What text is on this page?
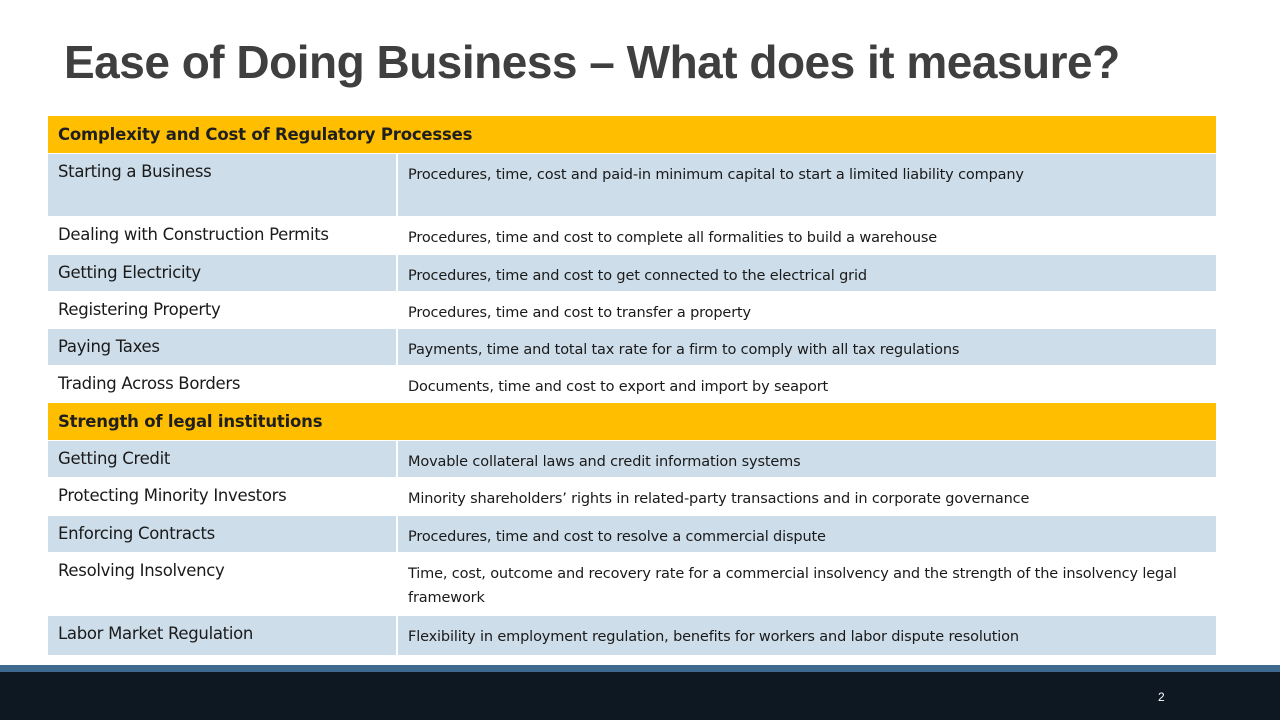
Ease of Doing Business – What does it measure?
Complexity and Cost of Regulatory Processes
Starting a Business	Procedures, time, cost and paid-in minimum capital to start a limited liability company
Dealing with Construction Permits	Procedures, time and cost to complete all formalities to build a warehouse
Getting Electricity	Procedures, time and cost to get connected to the electrical grid
Registering Property	Procedures, time and cost to transfer a property
Paying Taxes	Payments, time and total tax rate for a firm to comply with all tax regulations
Trading Across Borders	Documents, time and cost to export and import by seaport
Strength of legal institutions
Getting Credit	Movable collateral laws and credit information systems
Protecting Minority Investors	Minority shareholders’ rights in related-party transactions and in corporate governance
Enforcing Contracts	Procedures, time and cost to resolve a commercial dispute
Resolving Insolvency	Time, cost, outcome and recovery rate for a commercial insolvency and the strength of the insolvency legal framework
Labor Market Regulation	Flexibility in employment regulation, benefits for workers and labor dispute resolution
2
